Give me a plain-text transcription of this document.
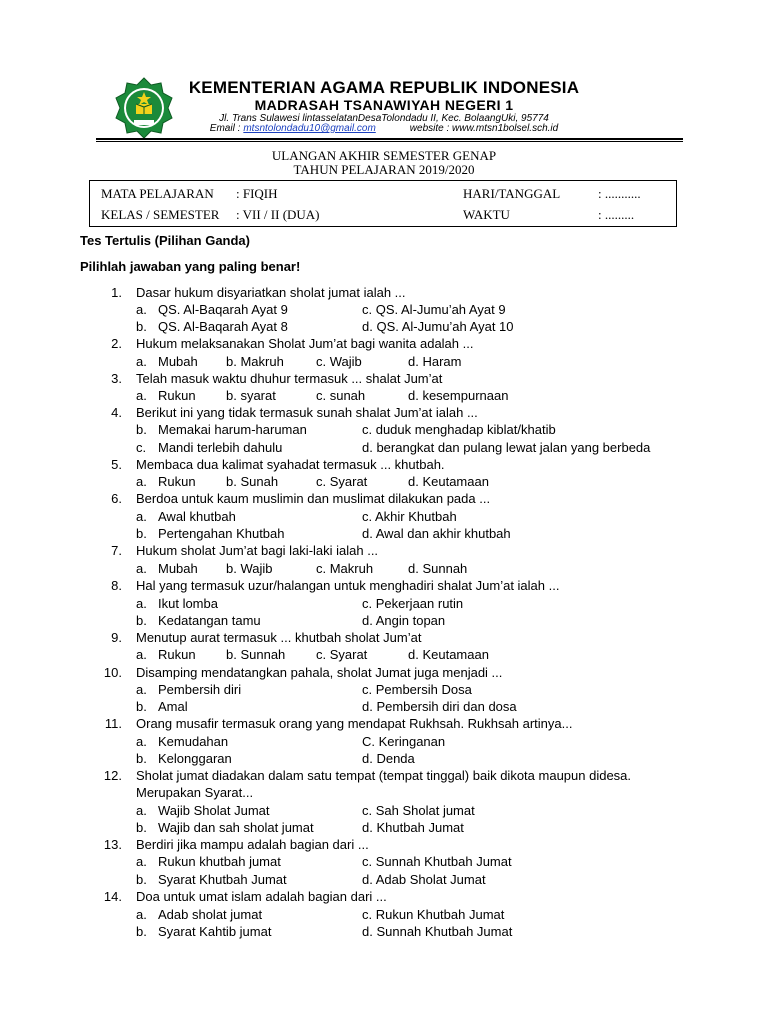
KEMENTERIAN AGAMA REPUBLIK INDONESIA
MADRASAH TSANAWIYAH NEGERI 1
Jl. Trans Sulawesi lintasselatanDesaTolondadu II, Kec. BolaangUki, 95774
Email : mtsntolondadu10@gmail.com	website : www.mtsn1bolsel.sch.id
ULANGAN AKHIR SEMESTER GENAP
TAHUN PELAJARAN 2019/2020
MATA PELAJARAN : FIQIH	HARI/TANGGAL	: ...........
KELAS / SEMESTER : VII / II (DUA)	WAKTU	: .........
Tes Tertulis (Pilihan Ganda)
Pilihlah jawaban yang paling benar!
1. Dasar hukum disyariatkan sholat jumat ialah ...
a. QS. Al-Baqarah Ayat 9	c. QS. Al-Jumu’ah Ayat 9
b. QS. Al-Baqarah Ayat 8	d. QS. Al-Jumu’ah Ayat 10
2. Hukum melaksanakan Sholat Jum’at bagi wanita adalah ...
a. Mubah b. Makruh c. Wajib	d. Haram
3. Telah masuk waktu dhuhur termasuk ... shalat Jum’at
a. Rukun b. syarat	c. sunah	d. kesempurnaan
4. Berikut ini yang tidak termasuk sunah shalat Jum’at ialah ...
b. Memakai harum-haruman	c. duduk menghadap kiblat/khatib
c. Mandi terlebih dahulu	d. berangkat dan pulang lewat jalan yang berbeda
5. Membaca dua kalimat syahadat termasuk ... khutbah.
a. Rukun b. Sunah	c. Syarat	d. Keutamaan
6. Berdoa untuk kaum muslimin dan muslimat dilakukan pada ...
a. Awal khutbah	c. Akhir Khutbah
b. Pertengahan Khutbah	d. Awal dan akhir khutbah
7. Hukum sholat Jum’at bagi laki-laki ialah ...
a. Mubah b. Wajib	c. Makruh	d. Sunnah
8. Hal yang termasuk uzur/halangan untuk menghadiri shalat Jum’at ialah ...
a. Ikut lomba	c. Pekerjaan rutin
b. Kedatangan tamu	d. Angin topan
9. Menutup aurat termasuk ... khutbah sholat Jum’at
a. Rukun b. Sunnah c. Syarat	d. Keutamaan
10. Disamping mendatangkan pahala, sholat Jumat juga menjadi ...
a. Pembersih diri	c. Pembersih Dosa
b. Amal	d. Pembersih diri dan dosa
11. Orang musafir termasuk orang yang mendapat Rukhsah. Rukhsah artinya...
a. Kemudahan	C. Keringanan
b. Kelonggaran	d. Denda
12. Sholat jumat diadakan dalam satu tempat (tempat tinggal) baik dikota maupun didesa.
Merupakan Syarat...
a. Wajib Sholat Jumat	c. Sah Sholat jumat
b. Wajib dan sah sholat jumat	d. Khutbah Jumat
13. Berdiri jika mampu adalah bagian dari ...
a. Rukun khutbah jumat	c. Sunnah Khutbah Jumat
b. Syarat Khutbah Jumat	d. Adab Sholat Jumat
14. Doa untuk umat islam adalah bagian dari ...
a. Adab sholat jumat	c. Rukun Khutbah Jumat
b. Syarat Kahtib jumat	d. Sunnah Khutbah Jumat
